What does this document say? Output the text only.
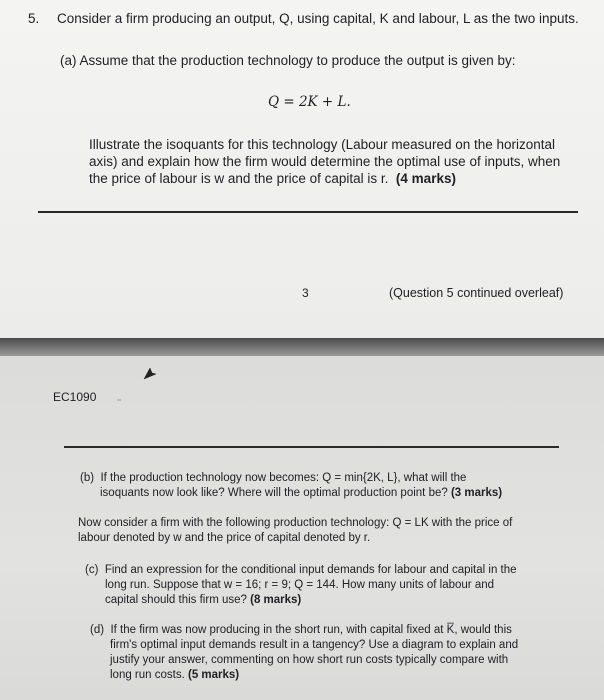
5. Consider a firm producing an output, Q, using capital, K and labour, L as the two inputs.
(a) Assume that the production technology to produce the output is given by:
Q = 2K + L.
Illustrate the isoquants for this technology (Labour measured on the horizontal
axis) and explain how the firm would determine the optimal use of inputs, when
the price of labour is w and the price of capital is r. (4 marks)
3	(Question 5 continued overleaf)
EC1090
(b) If the production technology now becomes: Q = min{2K, L}, what will the
isoquants now look like? Where will the optimal production point be? (3 marks)
Now consider a firm with the following production technology: Q = LK with the price of
labour denoted by w and the price of capital denoted by r.
(c) Find an expression for the conditional input demands for labour and capital in the
long run. Suppose that w = 16; r = 9; Q = 144. How many units of labour and
capital should this firm use? (8 marks)
(d) If the firm was now producing in the short run, with capital fixed at K̅, would this
firm's optimal input demands result in a tangency? Use a diagram to explain and
justify your answer, commenting on how short run costs typically compare with
long run costs. (5 marks)
